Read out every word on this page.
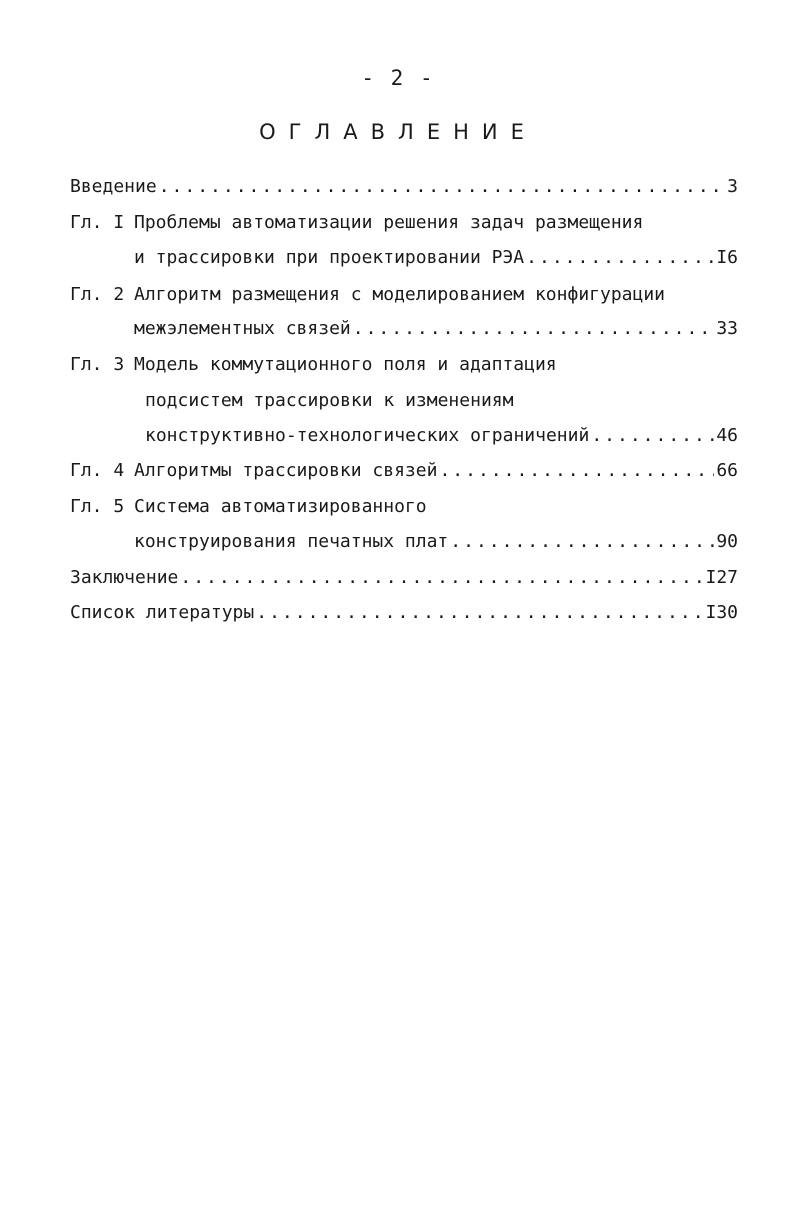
- 2 -
ОГЛАВЛЕНИЕ
Введение .....	3
Гл. I Проблемы автоматизации решения задач размещения
и трассировки при проектировании РЭА .....	I6
Гл. 2 Алгоритм размещения с моделированием конфигурации
межэлементных связей .....	33
Гл. 3 Модель коммутационного поля и адаптация
подсистем трассировки к изменениям
конструктивно-технологических ограничений .....	46
Гл. 4 Алгоритмы трассировки связей .....	66
Гл. 5 Система автоматизированного
конструирования печатных плат .....	90
Заключение .....	I27
Список литературы .....	I30
